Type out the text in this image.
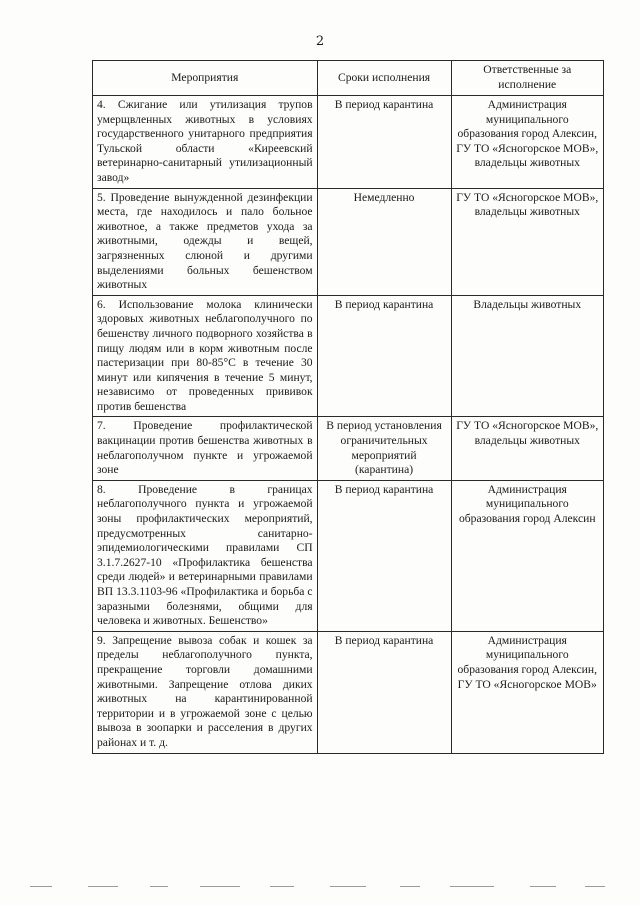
2
Мероприятия	Сроки исполнения	Ответственные за исполнение
4. Сжигание или утилизация трупов умерщвленных животных в условиях государственного унитарного предприятия Тульской области «Киреевский ветеринарно-санитарный утилизационный завод»	В период карантина	Администрация муниципального образования город Алексин, ГУ ТО «Ясногорское МОВ», владельцы животных
5. Проведение вынужденной дезинфекции места, где находилось и пало больное животное, а также предметов ухода за животными, одежды и вещей, загрязненных слюной и другими выделениями больных бешенством животных	Немедленно	ГУ ТО «Ясногорское МОВ», владельцы животных
6. Использование молока клинически здоровых животных неблагополучного по бешенству личного подворного хозяйства в пищу людям или в корм животным после пастеризации при 80-85°С в течение 30 минут или кипячения в течение 5 минут, независимо от проведенных прививок против бешенства	В период карантина	Владельцы животных
7. Проведение профилактической вакцинации против бешенства животных в неблагополучном пункте и угрожаемой зоне	В период установления ограничительных мероприятий (карантина)	ГУ ТО «Ясногорское МОВ», владельцы животных
8. Проведение в границах неблагополучного пункта и угрожаемой зоны профилактических мероприятий, предусмотренных санитарно-эпидемиологическими правилами СП 3.1.7.2627-10 «Профилактика бешенства среди людей» и ветеринарными правилами ВП 13.3.1103-96 «Профилактика и борьба с заразными болезнями, общими для человека и животных. Бешенство»	В период карантина	Администрация муниципального образования город Алексин
9. Запрещение вывоза собак и кошек за пределы неблагополучного пункта, прекращение торговли домашними животными. Запрещение отлова диких животных на карантинированной территории и в угрожаемой зоне с целью вывоза в зоопарки и расселения в других районах и т. д.	В период карантина	Администрация муниципального образования город Алексин, ГУ ТО «Ясногорское МОВ»
